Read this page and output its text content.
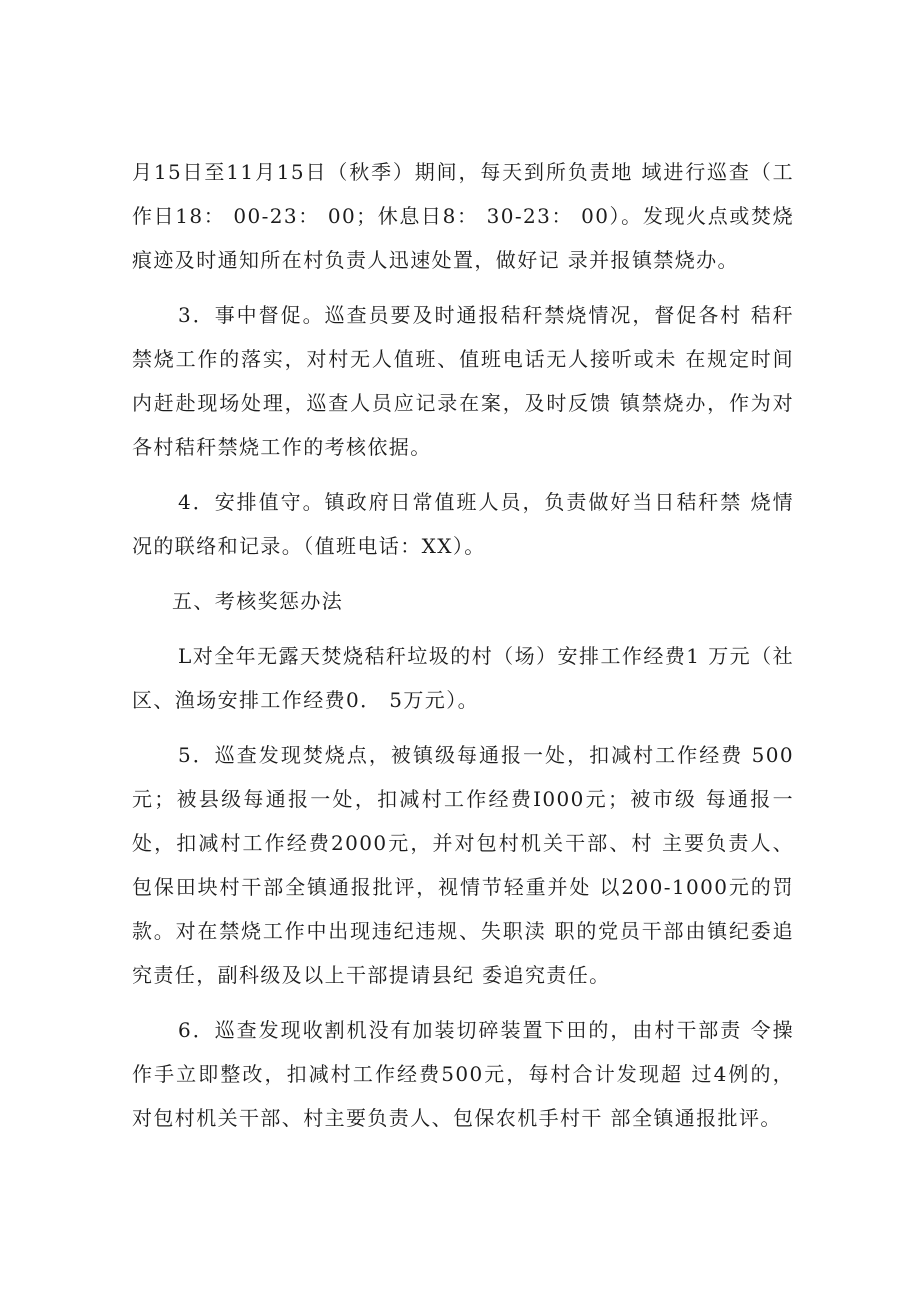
月15日至11月15日（秋季）期间，每天到所负责地 域进行巡查（工作日18： 00-23： 00；休息日8： 30-23： 00）。发现火点或焚烧痕迹及时通知所在村负责人迅速处置，做好记 录并报镇禁烧办。

3．事中督促。巡查员要及时通报秸秆禁烧情况，督促各村 秸秆禁烧工作的落实，对村无人值班、值班电话无人接听或未 在规定时间内赶赴现场处理，巡查人员应记录在案，及时反馈 镇禁烧办，作为对各村秸秆禁烧工作的考核依据。

4．安排值守。镇政府日常值班人员，负责做好当日秸秆禁 烧情况的联络和记录。（值班电话：XX）。

五、考核奖惩办法

L对全年无露天焚烧秸秆垃圾的村（场）安排工作经费1 万元（社区、渔场安排工作经费0． 5万元）。

5．巡查发现焚烧点，被镇级每通报一处，扣减村工作经费 500元；被县级每通报一处，扣减村工作经费I000元；被市级 每通报一处，扣减村工作经费2000元，并对包村机关干部、村 主要负责人、包保田块村干部全镇通报批评，视情节轻重并处 以200-1000元的罚款。对在禁烧工作中出现违纪违规、失职渎 职的党员干部由镇纪委追究责任，副科级及以上干部提请县纪 委追究责任。

6．巡查发现收割机没有加装切碎装置下田的，由村干部责 令操作手立即整改，扣减村工作经费500元，每村合计发现超 过4例的，对包村机关干部、村主要负责人、包保农机手村干 部全镇通报批评。
